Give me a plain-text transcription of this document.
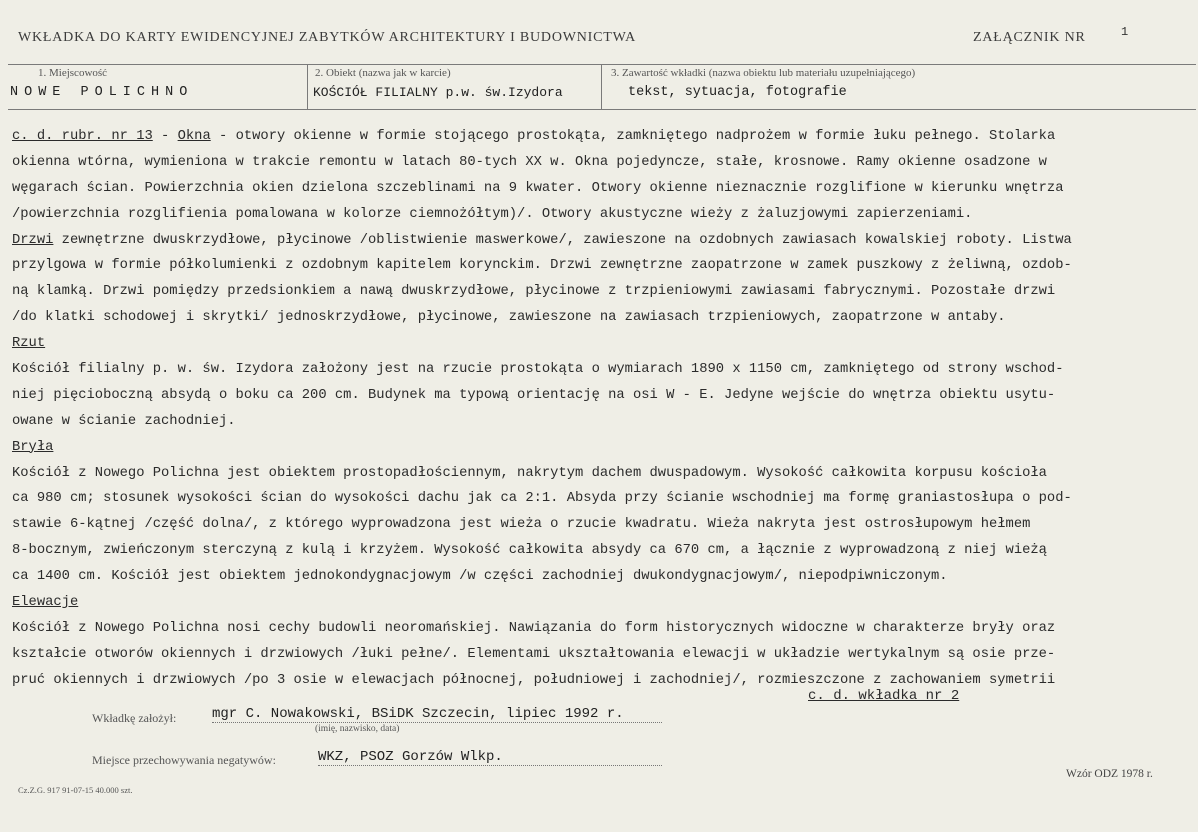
WKŁADKA DO KARTY EWIDENCYJNEJ ZABYTKÓW ARCHITEKTURY I BUDOWNICTWA	ZAŁĄCZNIK NR	1
1. Miejscowość
NOWE POLICHNO
2. Obiekt (nazwa jak w karcie)
KOŚCIÓŁ FILIALNY p.w. św.Izydora
3. Zawartość wkładki (nazwa obiektu lub materiału uzupełniającego)
tekst, sytuacja, fotografie
c. d. rubr. nr 13 - Okna - otwory okienne w formie stojącego prostokąta, zamkniętego nadprożem w formie łuku pełnego. Stolarka
okienna wtórna, wymieniona w trakcie remontu w latach 80-tych XX w. Okna pojedyncze, stałe, krosnowe. Ramy okienne osadzone w
węgarach ścian. Powierzchnia okien dzielona szczeblinami na 9 kwater. Otwory okienne nieznacznie rozglifione w kierunku wnętrza
/powierzchnia rozglifienia pomalowana w kolorze ciemnożółtym)/. Otwory akustyczne wieży z żaluzjowymi zapierzeniami.
Drzwi zewnętrzne dwuskrzydłowe, płycinowe /oblistwienie maswerkowe/, zawieszone na ozdobnych zawiasach kowalskiej roboty. Listwa
przylgowa w formie półkolumienki z ozdobnym kapitelem korynckim. Drzwi zewnętrzne zaopatrzone w zamek puszkowy z żeliwną, ozdob-
ną klamką. Drzwi pomiędzy przedsionkiem a nawą dwuskrzydłowe, płycinowe z trzpieniowymi zawiasami fabrycznymi. Pozostałe drzwi
/do klatki schodowej i skrytki/ jednoskrzydłowe, płycinowe, zawieszone na zawiasach trzpieniowych, zaopatrzone w antaby.
Rzut
Kościół filialny p. w. św. Izydora założony jest na rzucie prostokąta o wymiarach 1890 x 1150 cm, zamkniętego od strony wschod-
niej pięcioboczną absydą o boku ca 200 cm. Budynek ma typową orientację na osi W - E. Jedyne wejście do wnętrza obiektu usytu-
owane w ścianie zachodniej.
Bryła
Kościół z Nowego Polichna jest obiektem prostopadłościennym, nakrytym dachem dwuspadowym. Wysokość całkowita korpusu kościoła
ca 980 cm; stosunek wysokości ścian do wysokości dachu jak ca 2:1. Absyda przy ścianie wschodniej ma formę graniastosłupa o pod-
stawie 6-kątnej /część dolna/, z którego wyprowadzona jest wieża o rzucie kwadratu. Wieża nakryta jest ostrosłupowym hełmem
8-bocznym, zwieńczonym sterczyną z kulą i krzyżem. Wysokość całkowita absydy ca 670 cm, a łącznie z wyprowadzoną z niej wieżą
ca 1400 cm. Kościół jest obiektem jednokondygnacjowym /w części zachodniej dwukondygnacjowym/, niepodpiwniczonym.
Elewacje
Kościół z Nowego Polichna nosi cechy budowli neoromańskiej. Nawiązania do form historycznych widoczne w charakterze bryły oraz
kształcie otworów okiennych i drzwiowych /łuki pełne/. Elementami ukształtowania elewacji w układzie wertykalnym są osie prze-
pruć okiennych i drzwiowych /po 3 osie w elewacjach północnej, południowej i zachodniej/, rozmieszczone z zachowaniem symetrii
c. d. wkładka nr 2
Wkładkę założył:	mgr C. Nowakowski, BSiDK Szczecin, lipiec 1992 r.
(imię, nazwisko, data)
Miejsce przechowywania negatywów:	WKZ, PSOZ Gorzów Wlkp.
Wzór ODZ 1978 r.
Cz.Z.G. 917 91-07-15 40.000 szt.
